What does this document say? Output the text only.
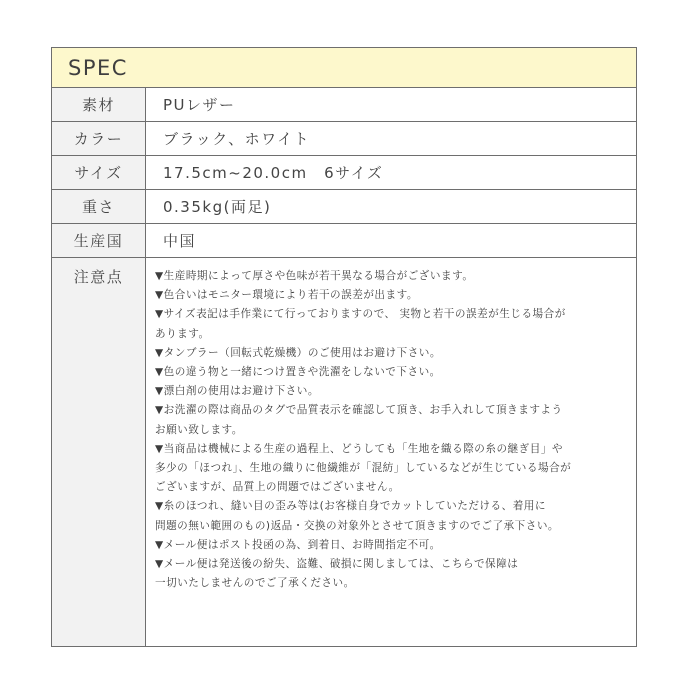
SPEC
素材	PUレザー
カラー	ブラック、ホワイト
サイズ	17.5cm~20.0cm　6サイズ
重さ	0.35kg(両足)
生産国	中国
注意点	▼生産時期によって厚さや色味が若干異なる場合がございます。
▼色合いはモニター環境により若干の誤差が出ます。
▼サイズ表記は手作業にて行っておりますので、 実物と若干の誤差が生じる場合が
あります。
▼タンブラー（回転式乾燥機）のご使用はお避け下さい。
▼色の違う物と一緒につけ置きや洗濯をしないで下さい。
▼漂白剤の使用はお避け下さい。
▼お洗濯の際は商品のタグで品質表示を確認して頂き、お手入れして頂きますよう
お願い致します。
▼当商品は機械による生産の過程上、どうしても「生地を織る際の糸の継ぎ目」や
多少の「ほつれ」、生地の織りに他繊維が「混紡」しているなどが生じている場合が
ございますが、品質上の問題ではございません。
▼糸のほつれ、縫い目の歪み等は(お客様自身でカットしていただける、着用に
問題の無い範囲のもの)返品・交換の対象外とさせて頂きますのでご了承下さい。
▼メール便はポスト投函の為、到着日、お時間指定不可。
▼メール便は発送後の紛失、盗難、破損に関しましては、こちらで保障は
一切いたしませんのでご了承ください。
